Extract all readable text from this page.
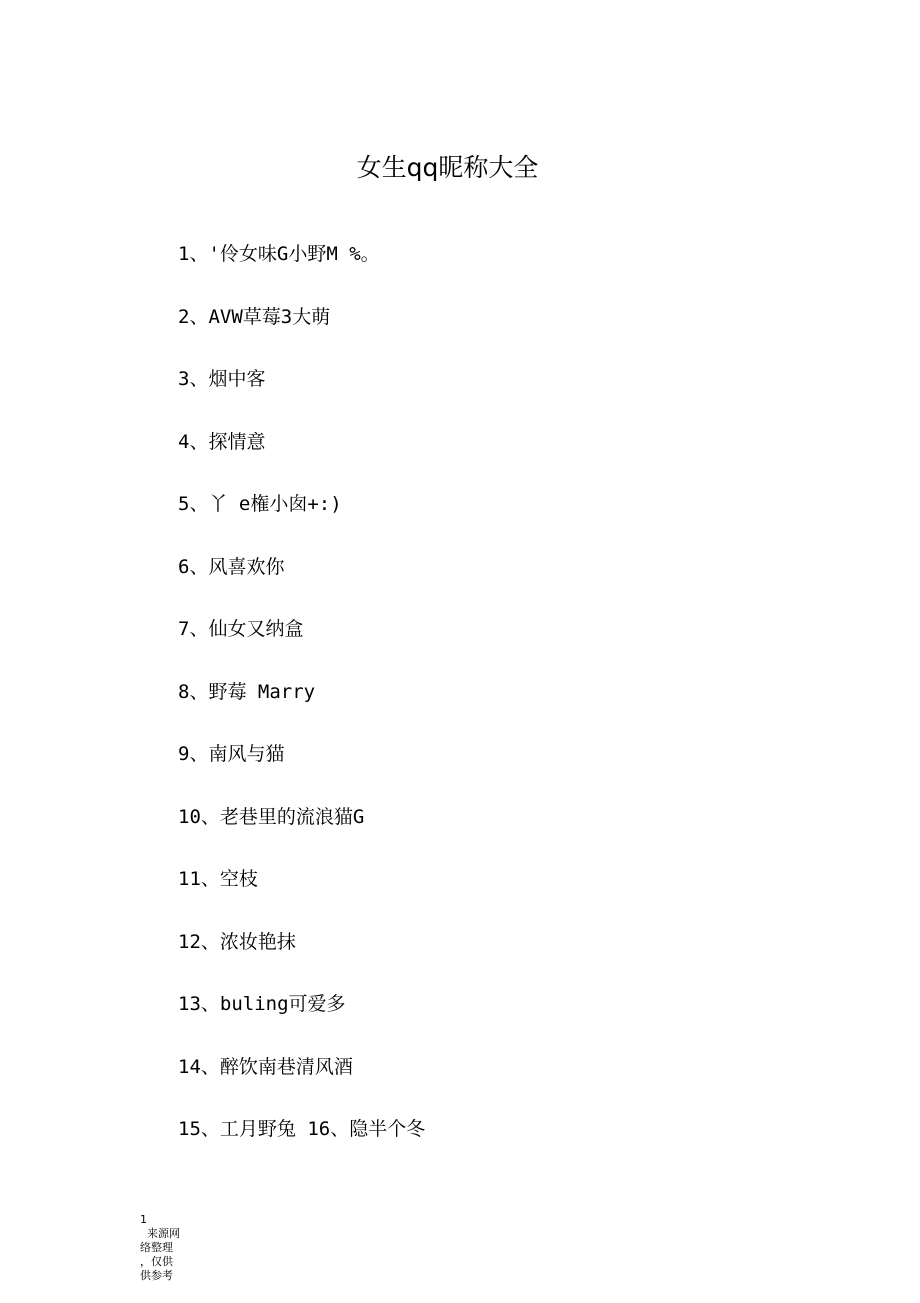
女生qq昵称大全
1、'伶女味G小野M %。
2、AVW草莓3大萌
3、烟中客
4、探情意
5、丫 e権小囱+:)
6、风喜欢你
7、仙女又纳盒
8、野莓 Marry
9、南风与猫
10、老巷里的流浪猫G
11、空枝
12、浓妆艳抹
13、buling可爱多
14、醉饮南巷清风酒
15、工月野兔 16、隐半个冬
1
来源网
络整理
，仅供
供参考
